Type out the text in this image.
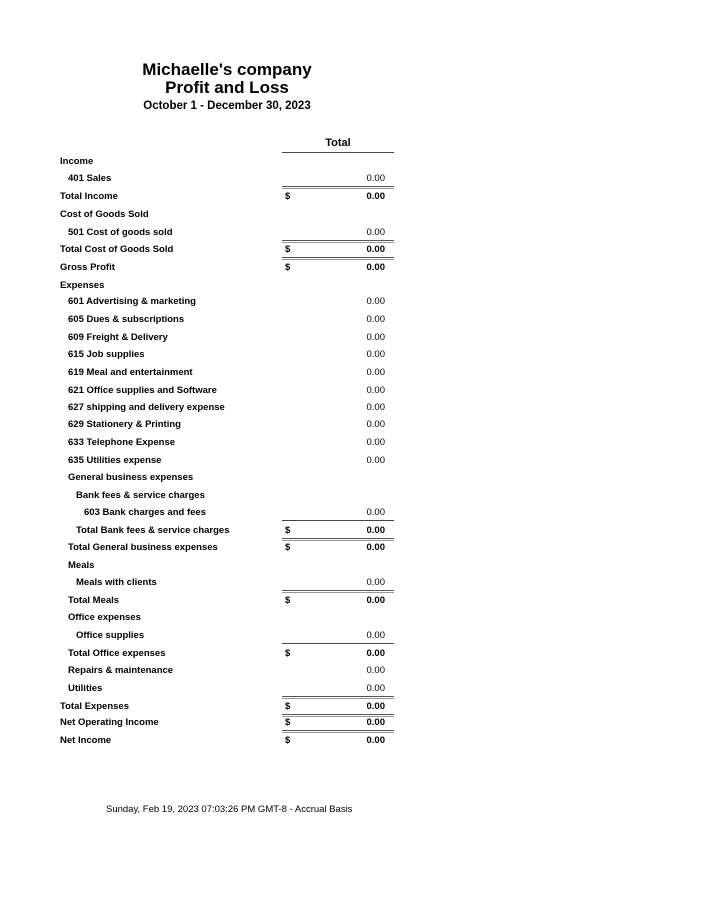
Michaelle's company
Profit and Loss
October 1 - December 30, 2023
Total
Income
401 Sales	0.00
Total Income	$	0.00
Cost of Goods Sold
501 Cost of goods sold	0.00
Total Cost of Goods Sold	$	0.00
Gross Profit	$	0.00
Expenses
601 Advertising & marketing	0.00
605 Dues & subscriptions	0.00
609 Freight & Delivery	0.00
615 Job supplies	0.00
619 Meal and entertainment	0.00
621 Office supplies and Software	0.00
627 shipping and delivery expense	0.00
629 Stationery & Printing	0.00
633 Telephone Expense	0.00
635 Utilities expense	0.00
General business expenses
Bank fees & service charges
603 Bank charges and fees	0.00
Total Bank fees & service charges	$	0.00
Total General business expenses	$	0.00
Meals
Meals with clients	0.00
Total Meals	$	0.00
Office expenses
Office supplies	0.00
Total Office expenses	$	0.00
Repairs & maintenance	0.00
Utilities	0.00
Total Expenses	$	0.00
Net Operating Income	$	0.00
Net Income	$	0.00
Sunday, Feb 19, 2023 07:03:26 PM GMT-8 - Accrual Basis
